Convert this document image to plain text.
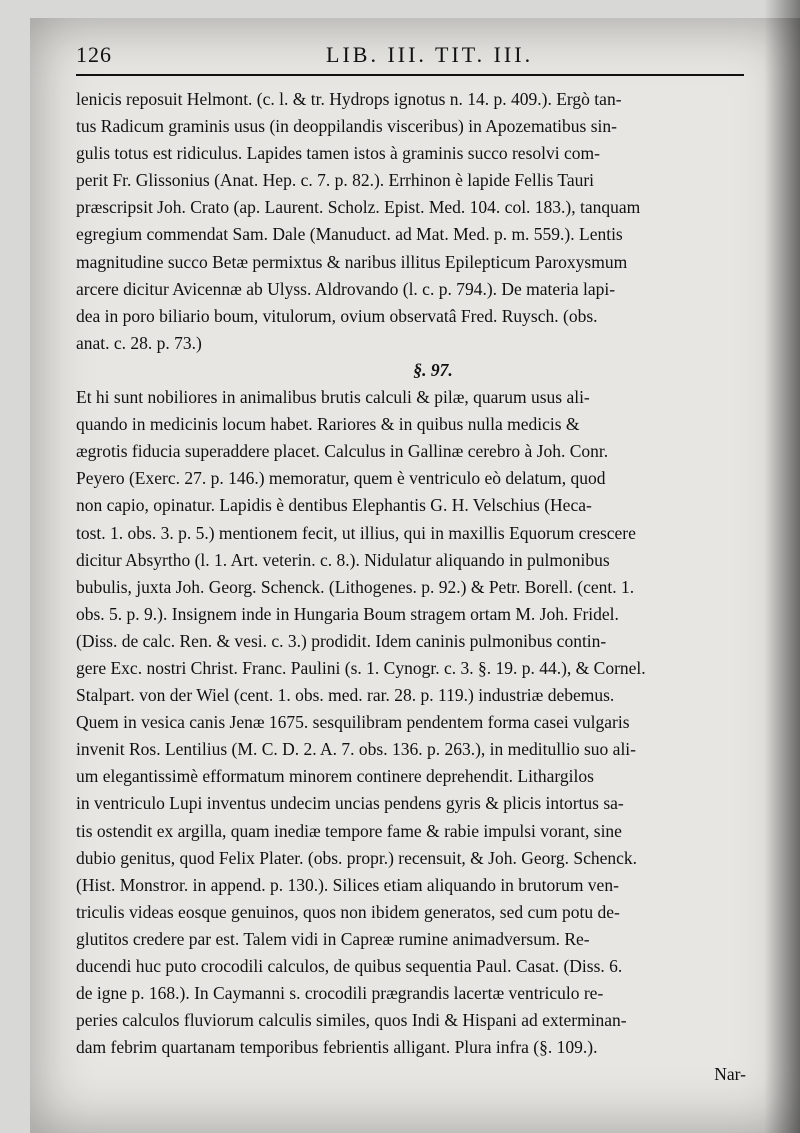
126	LIB. III. TIT. III.
lenicis reposuit Helmont. (c. l. & tr. Hydrops ignotus n. 14. p. 409.). Ergò tan-
tus Radicum graminis usus (in deoppilandis visceribus) in Apozematibus sin-
gulis totus est ridiculus. Lapides tamen istos à graminis succo resolvi com-
perit Fr. Glissonius (Anat. Hep. c. 7. p. 82.). Errhinon è lapide Fellis Tauri
præscripsit Joh. Crato (ap. Laurent. Scholz. Epist. Med. 104. col. 183.), tanquam
egregium commendat Sam. Dale (Manuduct. ad Mat. Med. p. m. 559.). Lentis
magnitudine succo Betæ permixtus & naribus illitus Epilepticum Paroxysmum
arcere dicitur Avicennæ ab Ulyss. Aldrovando (l. c. p. 794.). De materia lapi-
dea in poro biliario boum, vitulorum, ovium observatâ Fred. Ruysch. (obs.
anat. c. 28. p. 73.)
§. 97.
Et hi sunt nobiliores in animalibus brutis calculi & pilæ, quarum usus ali-
quando in medicinis locum habet. Rariores & in quibus nulla medicis &
ægrotis fiducia superaddere placet. Calculus in Gallinæ cerebro à Joh. Conr.
Peyero (Exerc. 27. p. 146.) memoratur, quem è ventriculo eò delatum, quod
non capio, opinatur. Lapidis è dentibus Elephantis G. H. Velschius (Heca-
tost. 1. obs. 3. p. 5.) mentionem fecit, ut illius, qui in maxillis Equorum crescere
dicitur Absyrtho (l. 1. Art. veterin. c. 8.). Nidulatur aliquando in pulmonibus
bubulis, juxta Joh. Georg. Schenck. (Lithogenes. p. 92.) & Petr. Borell. (cent. 1.
obs. 5. p. 9.). Insignem inde in Hungaria Boum stragem ortam M. Joh. Fridel.
(Diss. de calc. Ren. & vesi. c. 3.) prodidit. Idem caninis pulmonibus contin-
gere Exc. nostri Christ. Franc. Paulini (s. 1. Cynogr. c. 3. §. 19. p. 44.), & Cornel.
Stalpart. von der Wiel (cent. 1. obs. med. rar. 28. p. 119.) industriæ debemus.
Quem in vesica canis Jenæ 1675. sesquilibram pendentem forma casei vulgaris
invenit Ros. Lentilius (M. C. D. 2. A. 7. obs. 136. p. 263.), in meditullio suo ali-
um elegantissimè efformatum minorem continere deprehendit. Lithargilos
in ventriculo Lupi inventus undecim uncias pendens gyris & plicis intortus sa-
tis ostendit ex argilla, quam inediæ tempore fame & rabie impulsi vorant, sine
dubio genitus, quod Felix Plater. (obs. propr.) recensuit, & Joh. Georg. Schenck.
(Hist. Monstror. in append. p. 130.). Silices etiam aliquando in brutorum ven-
triculis videas eosque genuinos, quos non ibidem generatos, sed cum potu de-
glutitos credere par est. Talem vidi in Capreæ rumine animadversum. Re-
ducendi huc puto crocodili calculos, de quibus sequentia Paul. Casat. (Diss. 6.
de igne p. 168.). In Caymanni s. crocodili prægrandis lacertæ ventriculo re-
peries calculos fluviorum calculis similes, quos Indi & Hispani ad exterminan-
dam febrim quartanam temporibus febrientis alligant. Plura infra (§. 109.).
Nar-
